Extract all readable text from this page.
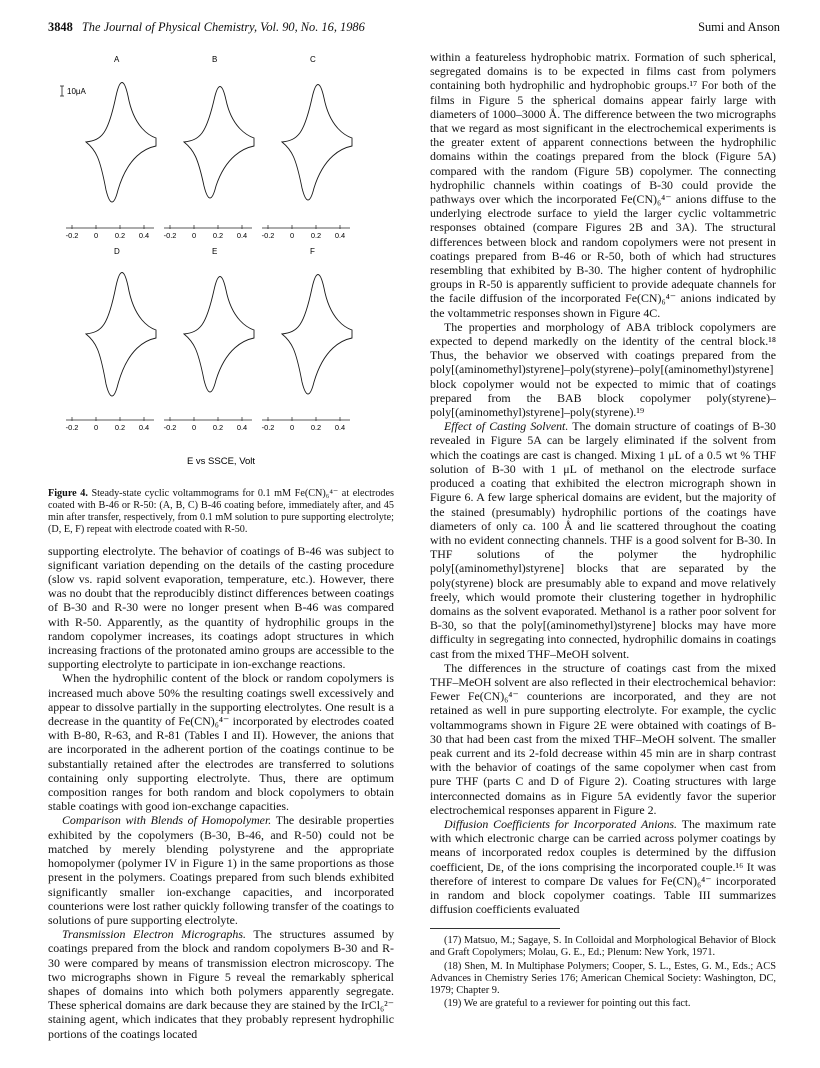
3848 The Journal of Physical Chemistry, Vol. 90, No. 16, 1986	Sumi and Anson
A
-0.2 0 0.2 0.4
B
-0.2 0 0.2 0.4
C
-0.2 0 0.2 0.4
D
-0.2 0 0.2 0.4
E
-0.2 0 0.2 0.4
F
-0.2 0 0.2 0.4
10μA
E vs SSCE, Volt
Figure 4. Steady-state cyclic voltammograms for 0.1 mM Fe(CN)₆⁴⁻ at electrodes coated with B-46 or R-50: (A, B, C) B-46 coating before, immediately after, and 45 min after transfer, respectively, from 0.1 mM solution to pure supporting electrolyte; (D, E, F) repeat with electrode coated with R-50.

supporting electrolyte. The behavior of coatings of B-46 was subject to significant variation depending on the details of the casting procedure (slow vs. rapid solvent evaporation, temperature, etc.). However, there was no doubt that the reproducibly distinct differences between coatings of B-30 and R-30 were no longer present when B-46 was compared with R-50. Apparently, as the quantity of hydrophilic groups in the random copolymer increases, its coatings adopt structures in which increasing fractions of the protonated amino groups are accessible to the supporting electrolyte to participate in ion-exchange reactions.

When the hydrophilic content of the block or random copolymers is increased much above 50% the resulting coatings swell excessively and appear to dissolve partially in the supporting electrolytes. One result is a decrease in the quantity of Fe(CN)₆⁴⁻ incorporated by electrodes coated with B-80, R-63, and R-81 (Tables I and II). However, the anions that are incorporated in the adherent portion of the coatings continue to be substantially retained after the electrodes are transferred to solutions containing only supporting electrolyte. Thus, there are optimum composition ranges for both random and block copolymers to obtain stable coatings with good ion-exchange capacities.

Comparison with Blends of Homopolymer. The desirable properties exhibited by the copolymers (B-30, B-46, and R-50) could not be matched by merely blending polystyrene and the appropriate homopolymer (polymer IV in Figure 1) in the same proportions as those present in the polymers. Coatings prepared from such blends exhibited significantly smaller ion-exchange capacities, and incorporated counterions were lost rather quickly following transfer of the coatings to solutions of pure supporting electrolyte.

Transmission Electron Micrographs. The structures assumed by coatings prepared from the block and random copolymers B-30 and R-30 were compared by means of transmission electron microscopy. The two micrographs shown in Figure 5 reveal the remarkably spherical shapes of domains into which both polymers apparently segregate. These spherical domains are dark because they are stained by the IrCl₆²⁻ staining agent, which indicates that they probably represent hydrophilic portions of the coatings located

within a featureless hydrophobic matrix. Formation of such spherical, segregated domains is to be expected in films cast from polymers containing both hydrophilic and hydrophobic groups.¹⁷ For both of the films in Figure 5 the spherical domains appear fairly large with diameters of 1000–3000 Å. The difference between the two micrographs that we regard as most significant in the electrochemical experiments is the greater extent of apparent connections between the hydrophilic domains within the coatings prepared from the block (Figure 5A) compared with the random (Figure 5B) copolymer. The connecting hydrophilic channels within coatings of B-30 could provide the pathways over which the incorporated Fe(CN)₆⁴⁻ anions diffuse to the underlying electrode surface to yield the larger cyclic voltammetric responses obtained (compare Figures 2B and 3A). The structural differences between block and random copolymers were not present in coatings prepared from B-46 or R-50, both of which had structures resembling that exhibited by B-30. The higher content of hydrophilic groups in R-50 is apparently sufficient to provide adequate channels for the facile diffusion of the incorporated Fe(CN)₆⁴⁻ anions indicated by the voltammetric responses shown in Figure 4C.

The properties and morphology of ABA triblock copolymers are expected to depend markedly on the identity of the central block.¹⁸ Thus, the behavior we observed with coatings prepared from the poly[(aminomethyl)styrene]–poly(styrene)–poly[(aminomethyl)styrene] block copolymer would not be expected to mimic that of coatings prepared from the BAB block copolymer poly(styrene)–poly[(aminomethyl)styrene]–poly(styrene).¹⁹

Effect of Casting Solvent. The domain structure of coatings of B-30 revealed in Figure 5A can be largely eliminated if the solvent from which the coatings are cast is changed. Mixing 1 μL of a 0.5 wt % THF solution of B-30 with 1 μL of methanol on the electrode surface produced a coating that exhibited the electron micrograph shown in Figure 6. A few large spherical domains are evident, but the majority of the stained (presumably) hydrophilic portions of the coatings have diameters of only ca. 100 Å and lie scattered throughout the coating with no evident connecting channels. THF is a good solvent for B-30. In THF solutions of the polymer the hydrophilic poly[(aminomethyl)styrene] blocks that are separated by the poly(styrene) block are presumably able to expand and move relatively freely, which would promote their clustering together in hydrophilic domains as the solvent evaporated. Methanol is a rather poor solvent for B-30, so that the poly[(aminomethyl)styrene] blocks may have more difficulty in segregating into connected, hydrophilic domains in coatings cast from the mixed THF–MeOH solvent.

The differences in the structure of coatings cast from the mixed THF–MeOH solvent are also reflected in their electrochemical behavior: Fewer Fe(CN)₆⁴⁻ counterions are incorporated, and they are not retained as well in pure supporting electrolyte. For example, the cyclic voltammograms shown in Figure 2E were obtained with coatings of B-30 that had been cast from the mixed THF–MeOH solvent. The smaller peak current and its 2-fold decrease within 45 min are in sharp contrast with the behavior of coatings of the same copolymer when cast from pure THF (parts C and D of Figure 2). Coating structures with large interconnected domains as in Figure 5A evidently favor the superior electrochemical responses apparent in Figure 2.

Diffusion Coefficients for Incorporated Anions. The maximum rate with which electronic charge can be carried across polymer coatings by means of incorporated redox couples is determined by the diffusion coefficient, Dᴇ, of the ions comprising the incorporated couple.¹⁶ It was therefore of interest to compare Dᴇ values for Fe(CN)₆⁴⁻ incorporated in random and block copolymer coatings. Table III summarizes diffusion coefficients evaluated

(17) Matsuo, M.; Sagaye, S. In Colloidal and Morphological Behavior of Block and Graft Copolymers; Molau, G. E., Ed.; Plenum: New York, 1971.

(18) Shen, M. In Multiphase Polymers; Cooper, S. L., Estes, G. M., Eds.; ACS Advances in Chemistry Series 176; American Chemical Society: Washington, DC, 1979; Chapter 9.

(19) We are grateful to a reviewer for pointing out this fact.
